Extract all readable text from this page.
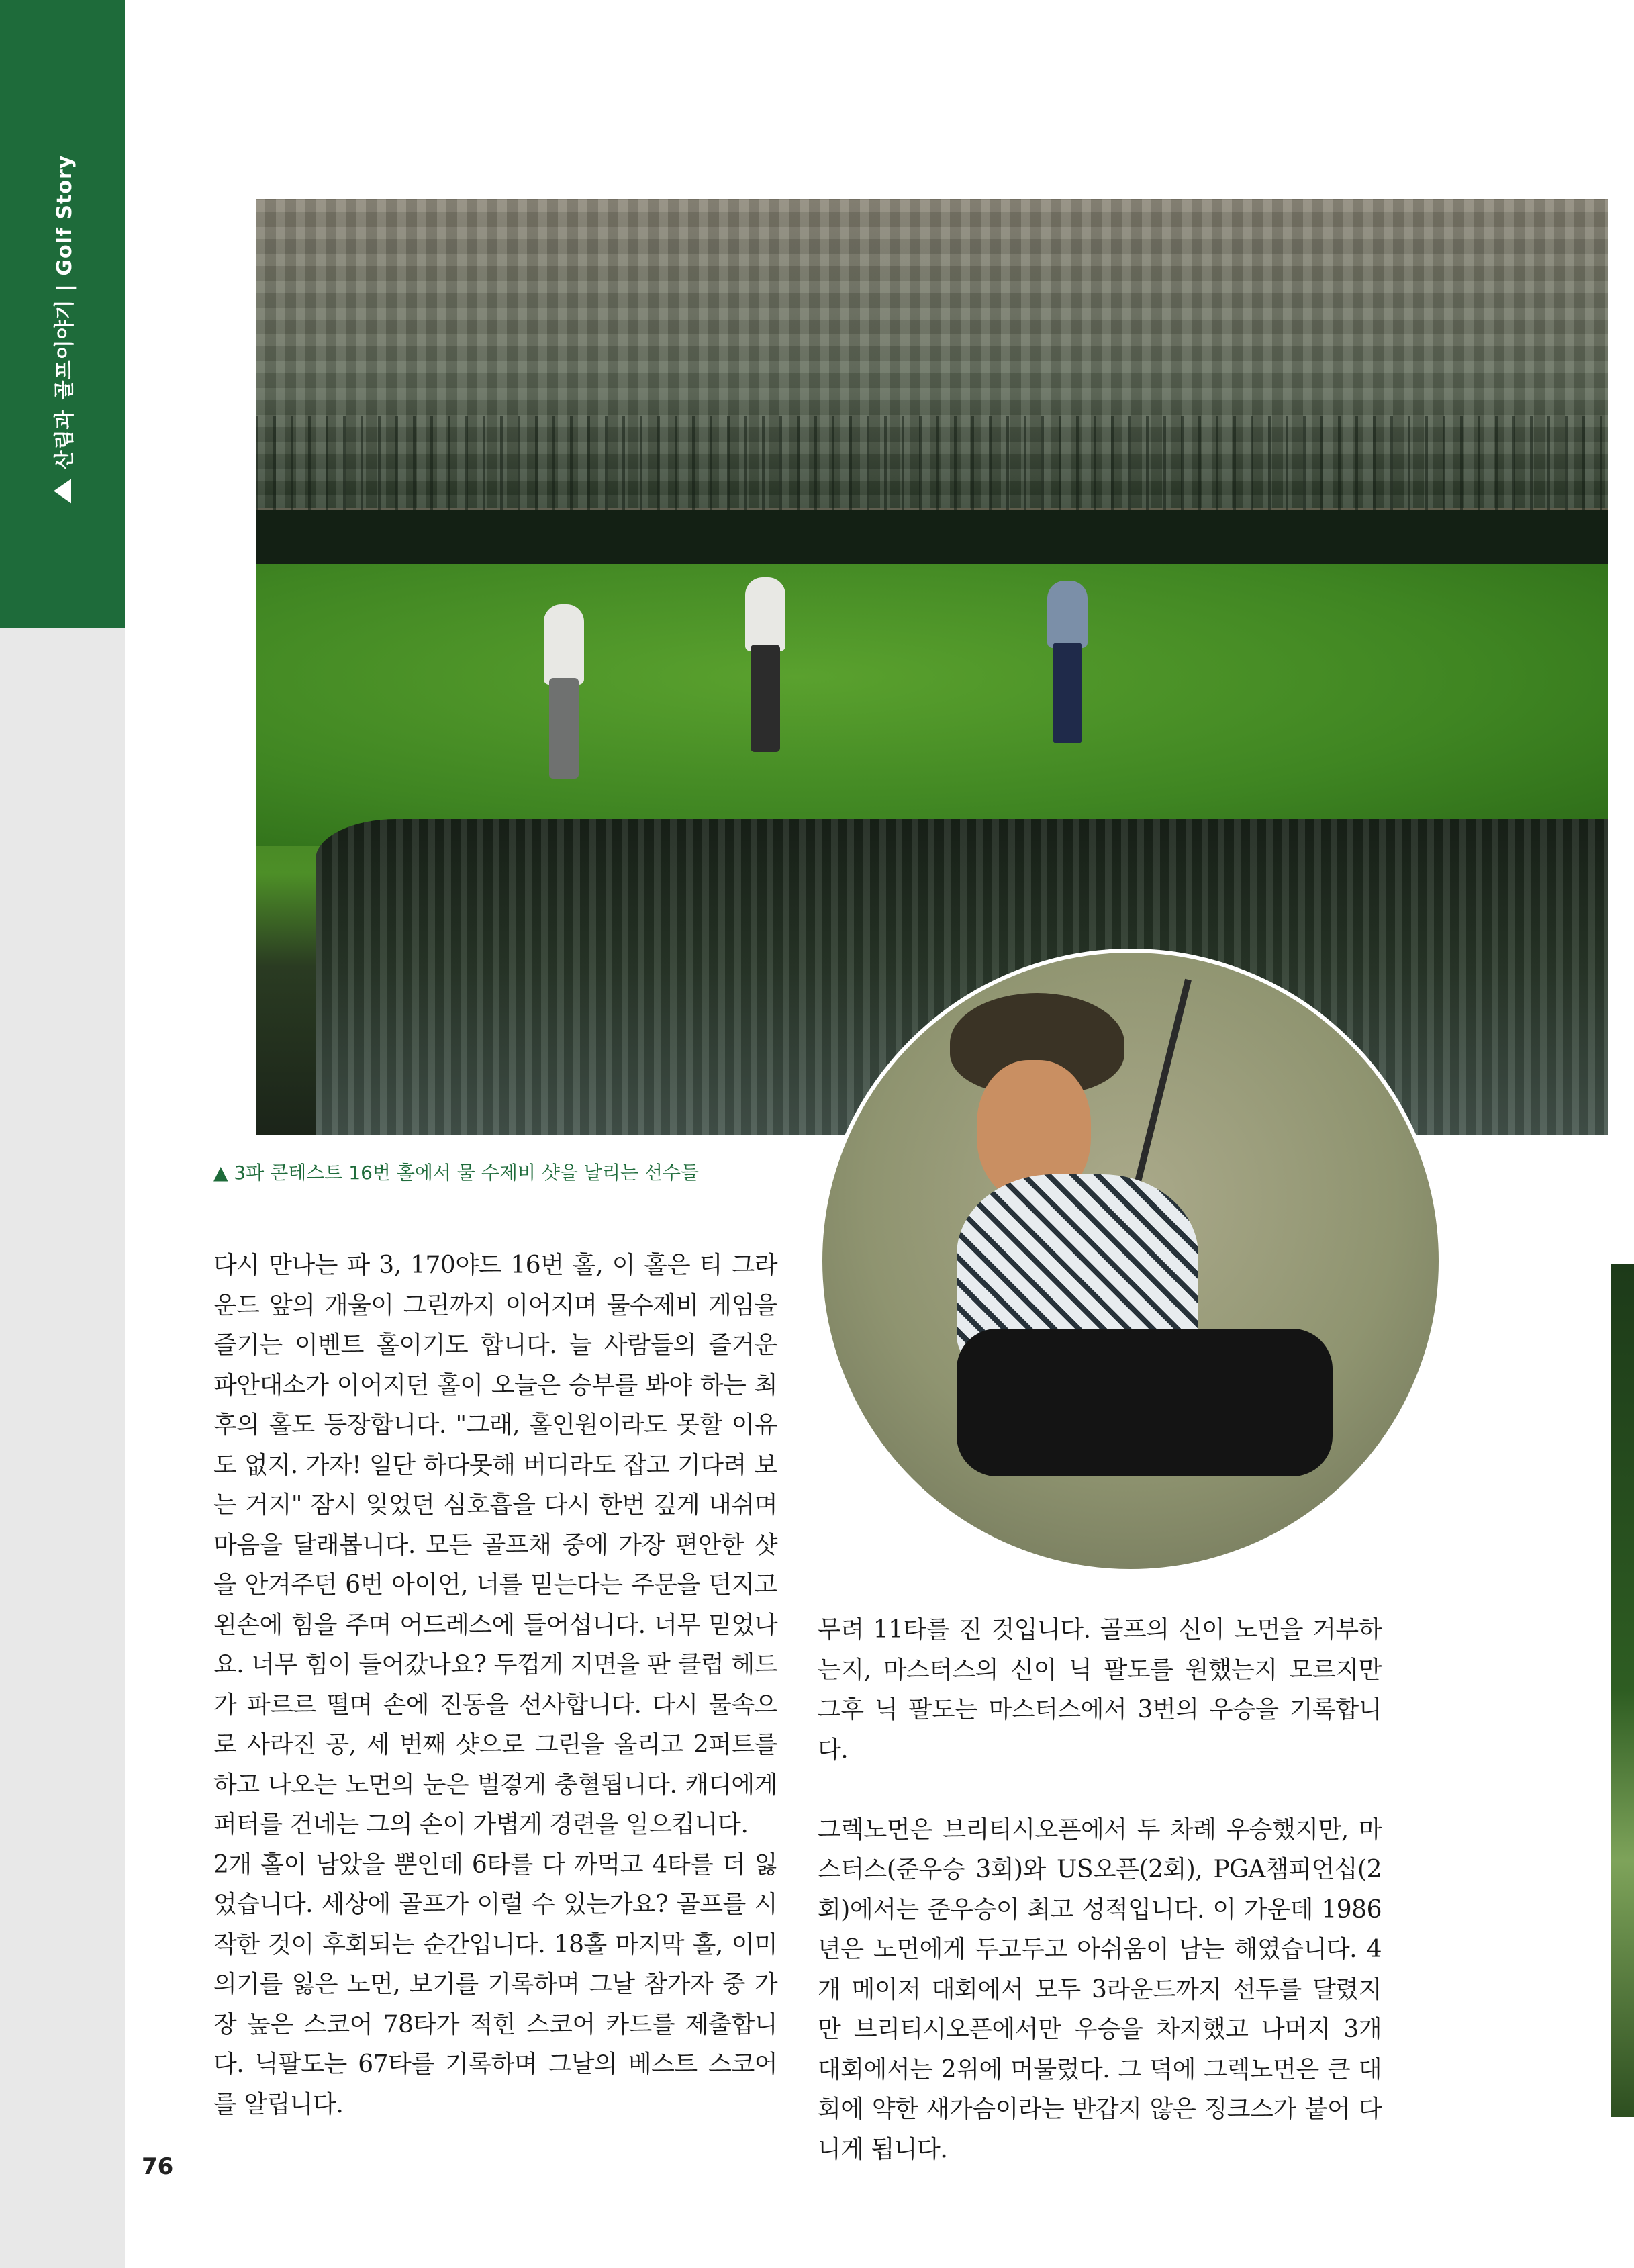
산림과
골프이야기 | Golf Story
▲ 3파 콘테스트 16번 홀에서 물 수제비 샷을 날리는 선수들

다시 만나는 파 3, 170야드 16번 홀, 이 홀은 티 그라운드 앞의 개울이 그린까지 이어지며 물수제비 게임을 즐기는 이벤트 홀이기도 합니다. 늘 사람들의 즐거운 파안대소가 이어지던 홀이 오늘은 승부를 봐야 하는 최후의 홀도 등장합니다. "그래, 홀인원이라도 못할 이유도 없지. 가자! 일단 하다못해 버디라도 잡고 기다려 보는 거지" 잠시 잊었던 심호흡을 다시 한번 깊게 내쉬며 마음을 달래봅니다. 모든 골프채 중에 가장 편안한 샷을 안겨주던 6번 아이언, 너를 믿는다는 주문을 던지고 왼손에 힘을 주며 어드레스에 들어섭니다. 너무 믿었나요. 너무 힘이 들어갔나요? 두껍게 지면을 판 클럽 헤드가 파르르 떨며 손에 진동을 선사합니다. 다시 물속으로 사라진 공, 세 번째 샷으로 그린을 올리고 2퍼트를 하고 나오는 노먼의 눈은 벌겋게 충혈됩니다. 캐디에게 퍼터를 건네는 그의 손이 가볍게 경련을 일으킵니다.

2개 홀이 남았을 뿐인데 6타를 다 까먹고 4타를 더 잃었습니다. 세상에 골프가 이럴 수 있는가요? 골프를 시작한 것이 후회되는 순간입니다. 18홀 마지막 홀, 이미 의기를 잃은 노먼, 보기를 기록하며 그날 참가자 중 가장 높은 스코어 78타가 적힌 스코어 카드를 제출합니다. 닉팔도는 67타를 기록하며 그날의 베스트 스코어를 알립니다.

무려 11타를 진 것입니다. 골프의 신이 노먼을 거부하는지, 마스터스의 신이 닉 팔도를 원했는지 모르지만 그후 닉 팔도는 마스터스에서 3번의 우승을 기록합니다.

그렉노먼은 브리티시오픈에서 두 차례 우승했지만, 마스터스(준우승 3회)와 US오픈(2회), PGA챔피언십(2회)에서는 준우승이 최고 성적입니다. 이 가운데 1986년은 노먼에게 두고두고 아쉬움이 남는 해였습니다. 4개 메이저 대회에서 모두 3라운드까지 선두를 달렸지만 브리티시오픈에서만 우승을 차지했고 나머지 3개 대회에서는 2위에 머물렀다. 그 덕에 그렉노먼은 큰 대회에 약한 새가슴이라는 반갑지 않은 징크스가 붙어 다니게 됩니다.

76
